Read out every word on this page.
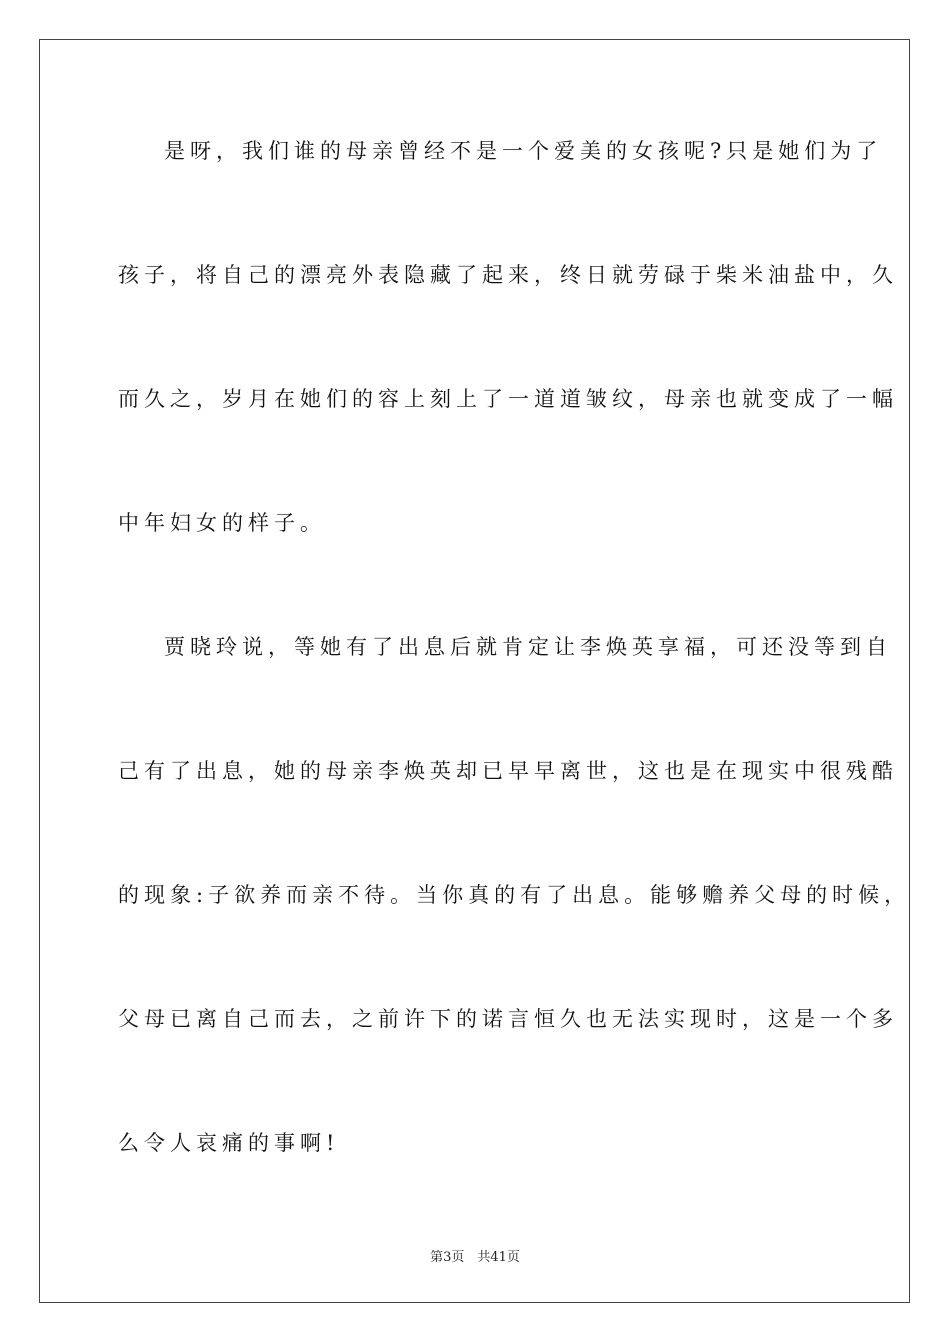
是呀，我们谁的母亲曾经不是一个爱美的女孩呢?只是她们为了
孩子，将自己的漂亮外表隐藏了起来，终日就劳碌于柴米油盐中，久
而久之，岁月在她们的容上刻上了一道道皱纹，母亲也就变成了一幅
中年妇女的样子。
贾晓玲说，等她有了出息后就肯定让李焕英享福，可还没等到自
己有了出息，她的母亲李焕英却已早早离世，这也是在现实中很残酷
的现象:子欲养而亲不待。当你真的有了出息。能够赡养父母的时候，
父母已离自己而去，之前许下的诺言恒久也无法实现时，这是一个多
么令人哀痛的事啊!
第3页　共41页
